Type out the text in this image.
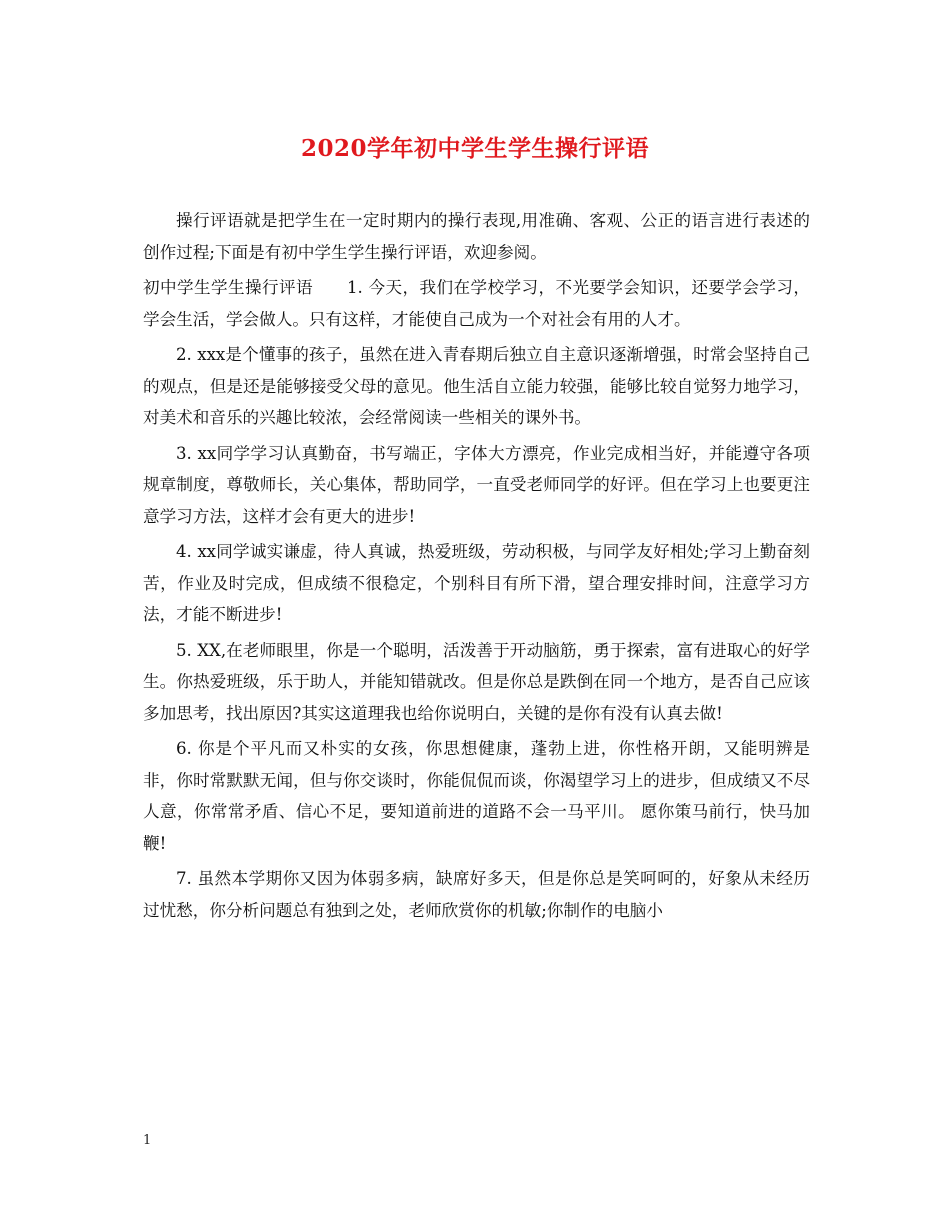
2020学年初中学生学生操行评语

操行评语就是把学生在一定时期内的操行表现,用准确、客观、公正的语言进行表述的创作过程;下面是有初中学生学生操行评语，欢迎参阅。

初中学生学生操行评语　　1. 今天，我们在学校学习，不光要学会知识，还要学会学习，学会生活，学会做人。只有这样，才能使自己成为一个对社会有用的人才。

2. xxx是个懂事的孩子，虽然在进入青春期后独立自主意识逐渐增强，时常会坚持自己的观点，但是还是能够接受父母的意见。他生活自立能力较强，能够比较自觉努力地学习，对美术和音乐的兴趣比较浓，会经常阅读一些相关的课外书。

3. xx同学学习认真勤奋，书写端正，字体大方漂亮，作业完成相当好，并能遵守各项规章制度，尊敬师长，关心集体，帮助同学，一直受老师同学的好评。但在学习上也要更注意学习方法，这样才会有更大的进步!

4. xx同学诚实谦虚，待人真诚，热爱班级，劳动积极，与同学友好相处;学习上勤奋刻苦，作业及时完成，但成绩不很稳定，个别科目有所下滑，望合理安排时间，注意学习方法，才能不断进步!

5. XX,在老师眼里，你是一个聪明，活泼善于开动脑筋，勇于探索，富有进取心的好学生。你热爱班级，乐于助人，并能知错就改。但是你总是跌倒在同一个地方，是否自己应该多加思考，找出原因?其实这道理我也给你说明白，关键的是你有没有认真去做!

6. 你是个平凡而又朴实的女孩，你思想健康，蓬勃上进，你性格开朗，又能明辨是非，你时常默默无闻，但与你交谈时，你能侃侃而谈，你渴望学习上的进步，但成绩又不尽人意，你常常矛盾、信心不足，要知道前进的道路不会一马平川。 愿你策马前行，快马加鞭!

7. 虽然本学期你又因为体弱多病，缺席好多天，但是你总是笑呵呵的，好象从未经历过忧愁，你分析问题总有独到之处，老师欣赏你的机敏;你制作的电脑小

1
